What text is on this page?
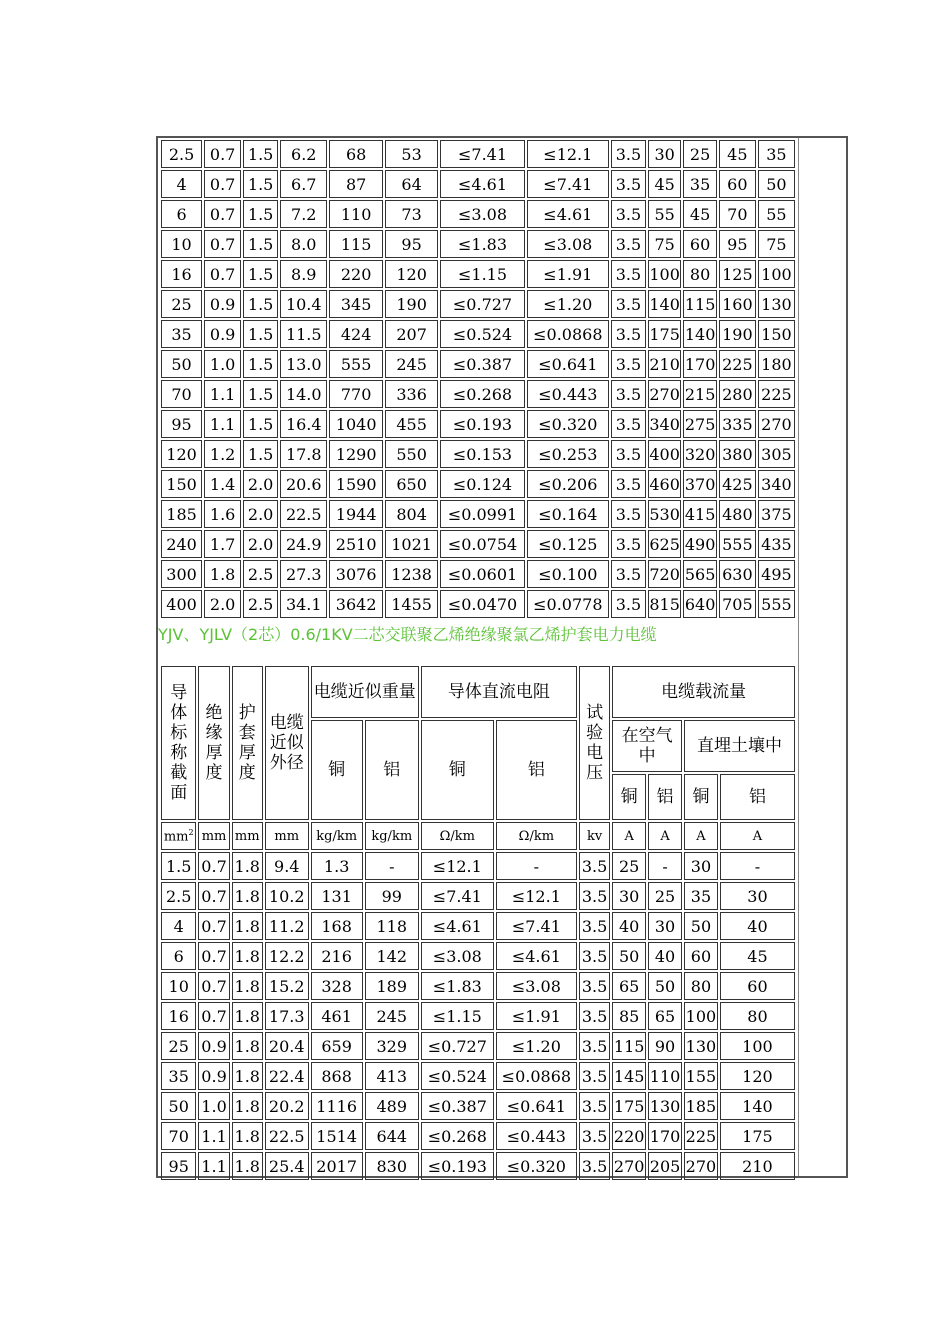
2.5	0.7	1.5	6.2	68	53	≤7.41	≤12.1	3.5	30	25	45	35
4	0.7	1.5	6.7	87	64	≤4.61	≤7.41	3.5	45	35	60	50
6	0.7	1.5	7.2	110	73	≤3.08	≤4.61	3.5	55	45	70	55
10	0.7	1.5	8.0	115	95	≤1.83	≤3.08	3.5	75	60	95	75
16	0.7	1.5	8.9	220	120	≤1.15	≤1.91	3.5	100	80	125	100
25	0.9	1.5	10.4	345	190	≤0.727	≤1.20	3.5	140	115	160	130
35	0.9	1.5	11.5	424	207	≤0.524	≤0.0868	3.5	175	140	190	150
50	1.0	1.5	13.0	555	245	≤0.387	≤0.641	3.5	210	170	225	180
70	1.1	1.5	14.0	770	336	≤0.268	≤0.443	3.5	270	215	280	225
95	1.1	1.5	16.4	1040	455	≤0.193	≤0.320	3.5	340	275	335	270
120	1.2	1.5	17.8	1290	550	≤0.153	≤0.253	3.5	400	320	380	305
150	1.4	2.0	20.6	1590	650	≤0.124	≤0.206	3.5	460	370	425	340
185	1.6	2.0	22.5	1944	804	≤0.0991	≤0.164	3.5	530	415	480	375
240	1.7	2.0	24.9	2510	1021	≤0.0754	≤0.125	3.5	625	490	555	435
300	1.8	2.5	27.3	3076	1238	≤0.0601	≤0.100	3.5	720	565	630	495
400	2.0	2.5	34.1	3642	1455	≤0.0470	≤0.0778	3.5	815	640	705	555
YJV、YJLV（2芯）0.6/1KV二芯交联聚乙烯绝缘聚氯乙烯护套电力电缆
导体标称截面	绝缘厚度	护套厚度	电缆近似外径	电缆近似重量		导体直流电阻		试验电压	电缆载流量			
				铜	铝	铜	铝		在空气中		直埋土壤中	
									铜	铝	铜	铝
$mm^2$	mm	mm	mm	kg/km	kg/km	Ω/km	Ω/km	kv	A	A	A	A
1.5	0.7	1.8	9.4	1.3	-	≤12.1	-	3.5	25	-	30	-
2.5	0.7	1.8	10.2	131	99	≤7.41	≤12.1	3.5	30	25	35	30
4	0.7	1.8	11.2	168	118	≤4.61	≤7.41	3.5	40	30	50	40
6	0.7	1.8	12.2	216	142	≤3.08	≤4.61	3.5	50	40	60	45
10	0.7	1.8	15.2	328	189	≤1.83	≤3.08	3.5	65	50	80	60
16	0.7	1.8	17.3	461	245	≤1.15	≤1.91	3.5	85	65	100	80
25	0.9	1.8	20.4	659	329	≤0.727	≤1.20	3.5	115	90	130	100
35	0.9	1.8	22.4	868	413	≤0.524	≤0.0868	3.5	145	110	155	120
50	1.0	1.8	20.2	1116	489	≤0.387	≤0.641	3.5	175	130	185	140
70	1.1	1.8	22.5	1514	644	≤0.268	≤0.443	3.5	220	170	225	175
95	1.1	1.8	25.4	2017	830	≤0.193	≤0.320	3.5	270	205	270	210
